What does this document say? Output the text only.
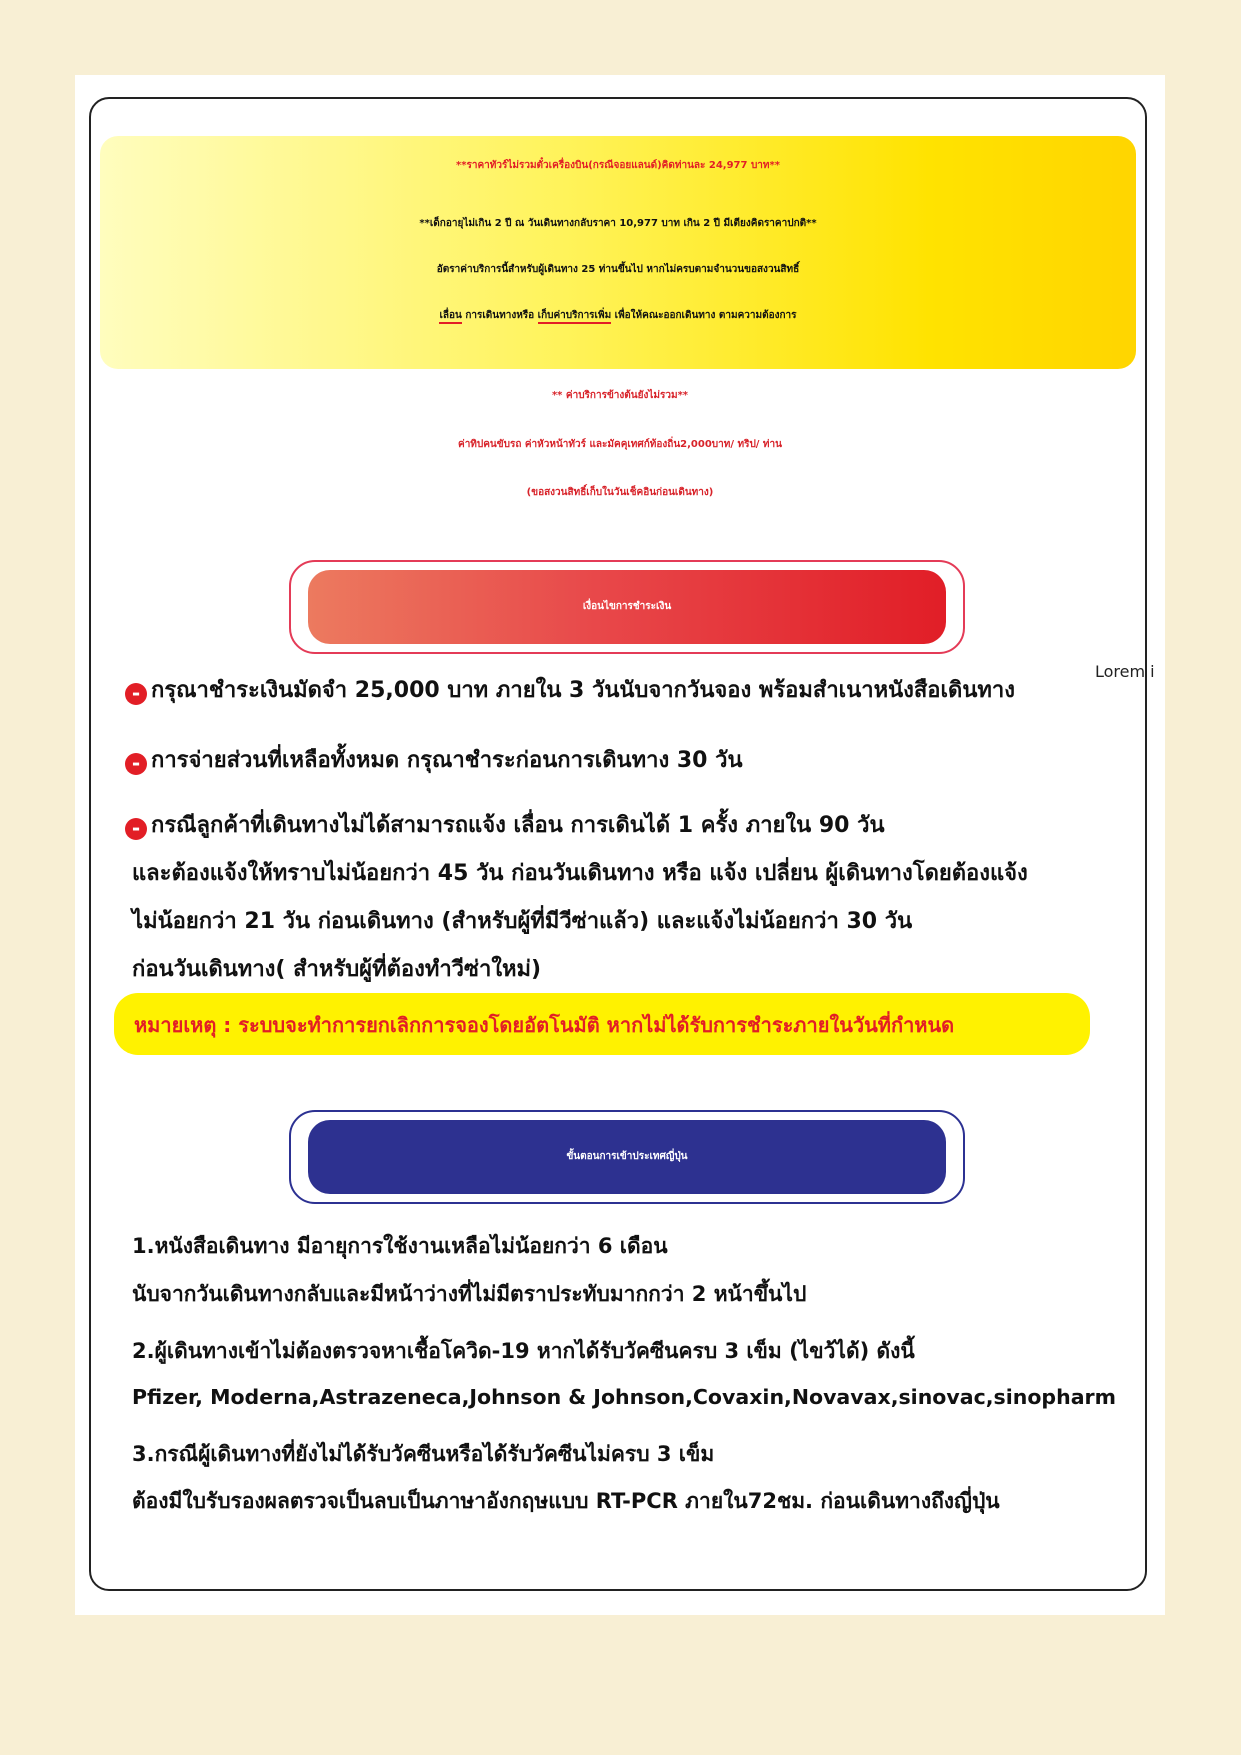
**ราคาทัวร์ไม่รวมตั๋วเครื่องบิน(กรณีจอยแลนด์)คิดท่านละ 24,977 บาท**
**เด็กอายุไม่เกิน 2 ปี ณ วันเดินทางกลับราคา 10,977 บาท เกิน 2 ปี มีเตียงคิดราคาปกติ**
อัตราค่าบริการนี้สำหรับผู้เดินทาง 25 ท่านขึ้นไป หากไม่ครบตามจำนวนขอสงวนสิทธิ์
เลื่อน การเดินทางหรือ เก็บค่าบริการเพิ่ม เพื่อให้คณะออกเดินทาง ตามความต้องการ
** ค่าบริการข้างต้นยังไม่รวม**
ค่าทิปคนขับรถ ค่าหัวหน้าทัวร์ และมัคคุเทศก์ท้องถิ่น2,000บาท/ ทริป/ ท่าน
(ขอสงวนสิทธิ์เก็บในวันเช็คอินก่อนเดินทาง)
เงื่อนไขการชำระเงิน
Lorem i
- กรุณาชำระเงินมัดจำ 25,000 บาท ภายใน 3 วันนับจากวันจอง พร้อมสำเนาหนังสือเดินทาง
- การจ่ายส่วนที่เหลือทั้งหมด กรุณาชำระก่อนการเดินทาง 30 วัน
- กรณีลูกค้าที่เดินทางไม่ได้สามารถแจ้ง เลื่อน การเดินได้ 1 ครั้ง ภายใน 90 วัน
และต้องแจ้งให้ทราบไม่น้อยกว่า 45 วัน ก่อนวันเดินทาง หรือ แจ้ง เปลี่ยน ผู้เดินทางโดยต้องแจ้ง
ไม่น้อยกว่า 21 วัน ก่อนเดินทาง (สำหรับผู้ที่มีวีซ่าแล้ว) และแจ้งไม่น้อยกว่า 30 วัน
ก่อนวันเดินทาง( สำหรับผู้ที่ต้องทำวีซ่าใหม่)
หมายเหตุ : ระบบจะทำการยกเลิกการจองโดยอัตโนมัติ หากไม่ได้รับการชำระภายในวันที่กำหนด
ขั้นตอนการเข้าประเทศญี่ปุ่น
1.หนังสือเดินทาง มีอายุการใช้งานเหลือไม่น้อยกว่า 6 เดือน
นับจากวันเดินทางกลับและมีหน้าว่างที่ไม่มีตราประทับมากกว่า 2 หน้าขึ้นไป
2.ผู้เดินทางเข้าไม่ต้องตรวจหาเชื้อโควิด-19 หากได้รับวัคซีนครบ 3 เข็ม (ไขว้ได้) ดังนี้
Pfizer, Moderna,Astrazeneca,Johnson & Johnson,Covaxin,Novavax,sinovac,sinopharm
3.กรณีผู้เดินทางที่ยังไม่ได้รับวัคซีนหรือได้รับวัคซีนไม่ครบ 3 เข็ม
ต้องมีใบรับรองผลตรวจเป็นลบเป็นภาษาอังกฤษแบบ RT-PCR ภายใน72ชม. ก่อนเดินทางถึงญี่ปุ่น
